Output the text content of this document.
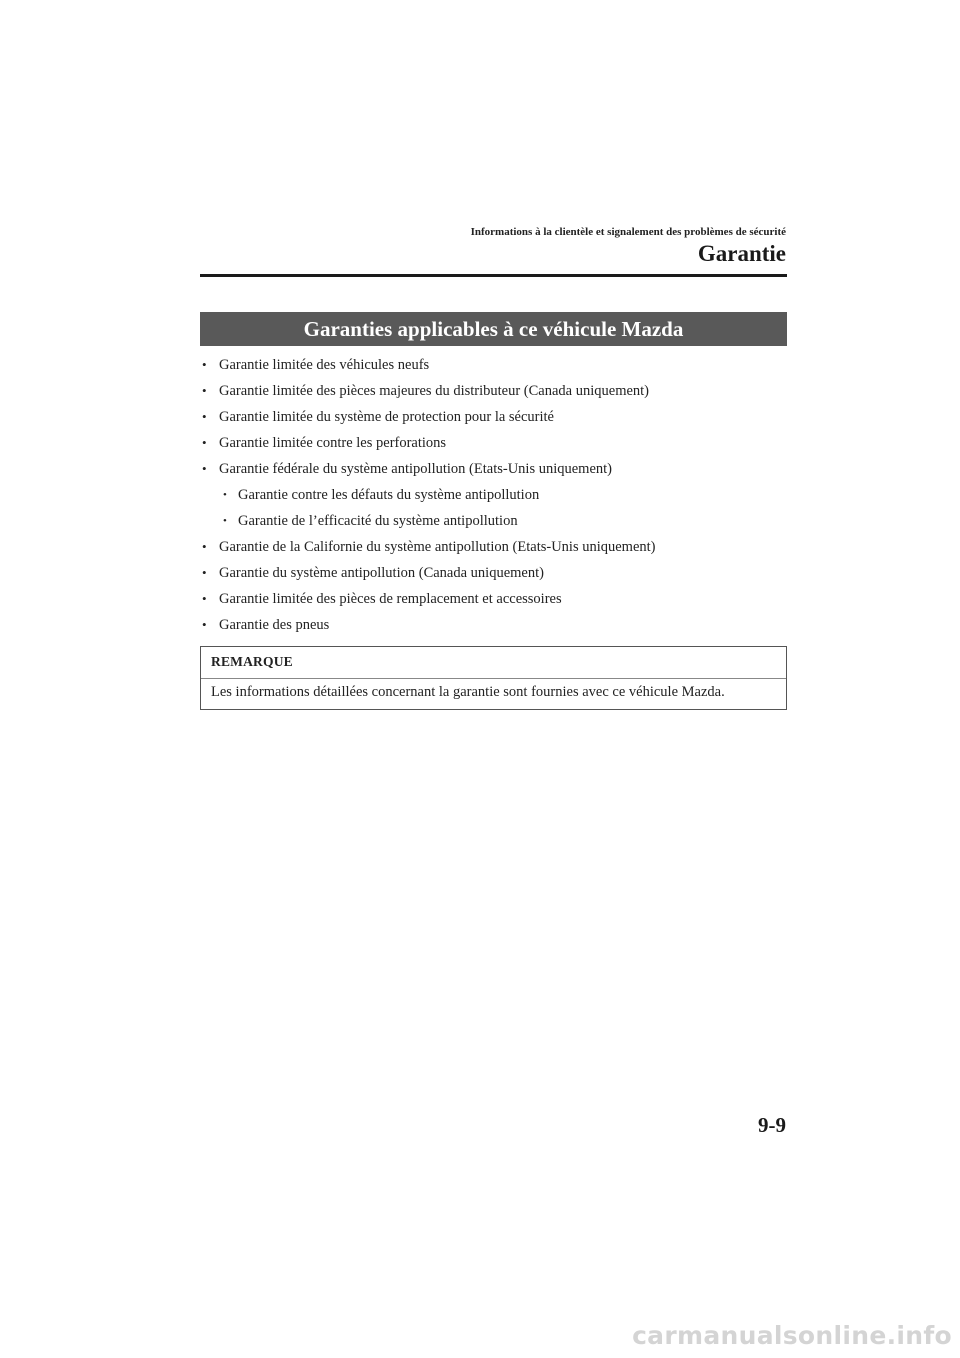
Informations à la clientèle et signalement des problèmes de sécurité
Garantie
Garanties applicables à ce véhicule Mazda
• Garantie limitée des véhicules neufs
• Garantie limitée des pièces majeures du distributeur (Canada uniquement)
• Garantie limitée du système de protection pour la sécurité
• Garantie limitée contre les perforations
• Garantie fédérale du système antipollution (Etats-Unis uniquement)
• Garantie contre les défauts du système antipollution
• Garantie de l’efficacité du système antipollution
• Garantie de la Californie du système antipollution (Etats-Unis uniquement)
• Garantie du système antipollution (Canada uniquement)
• Garantie limitée des pièces de remplacement et accessoires
• Garantie des pneus
REMARQUE
Les informations détaillées concernant la garantie sont fournies avec ce véhicule Mazda.
9-9
carmanualsonline.info
